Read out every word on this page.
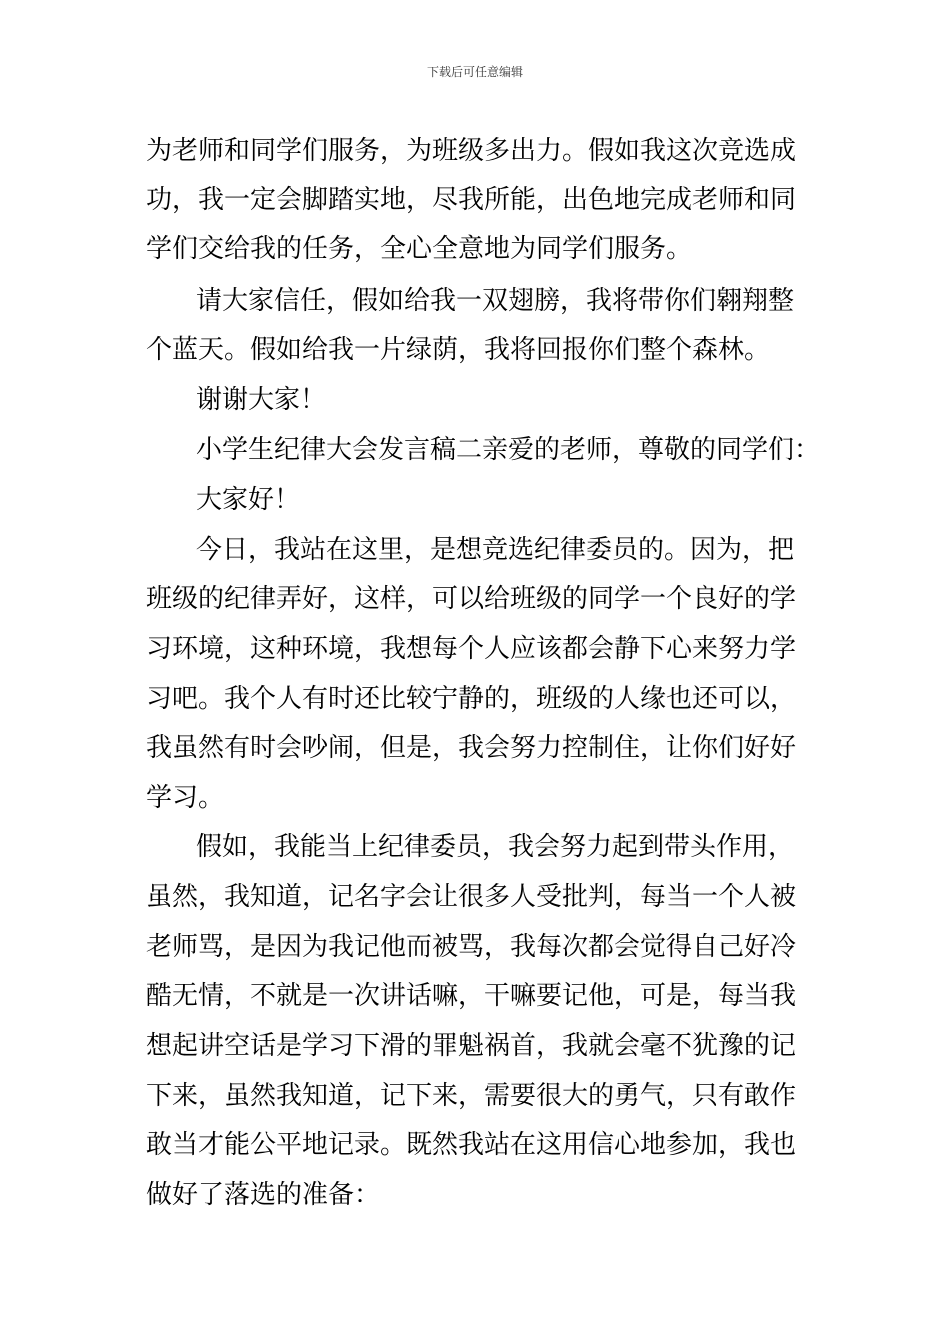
下载后可任意编辑
为老师和同学们服务，为班级多出力。假如我这次竞选成
功，我一定会脚踏实地，尽我所能，出色地完成老师和同
学们交给我的任务，全心全意地为同学们服务。
请大家信任，假如给我一双翅膀，我将带你们翱翔整
个蓝天。假如给我一片绿荫，我将回报你们整个森林。
谢谢大家！
小学生纪律大会发言稿二亲爱的老师，尊敬的同学们：
大家好！
今日，我站在这里，是想竞选纪律委员的。因为，把
班级的纪律弄好，这样，可以给班级的同学一个良好的学
习环境，这种环境，我想每个人应该都会静下心来努力学
习吧。我个人有时还比较宁静的，班级的人缘也还可以，
我虽然有时会吵闹，但是，我会努力控制住，让你们好好
学习。
假如，我能当上纪律委员，我会努力起到带头作用，
虽然，我知道，记名字会让很多人受批判，每当一个人被
老师骂，是因为我记他而被骂，我每次都会觉得自己好冷
酷无情，不就是一次讲话嘛，干嘛要记他，可是，每当我
想起讲空话是学习下滑的罪魁祸首，我就会毫不犹豫的记
下来，虽然我知道，记下来，需要很大的勇气，只有敢作
敢当才能公平地记录。既然我站在这用信心地参加，我也
做好了落选的准备：
